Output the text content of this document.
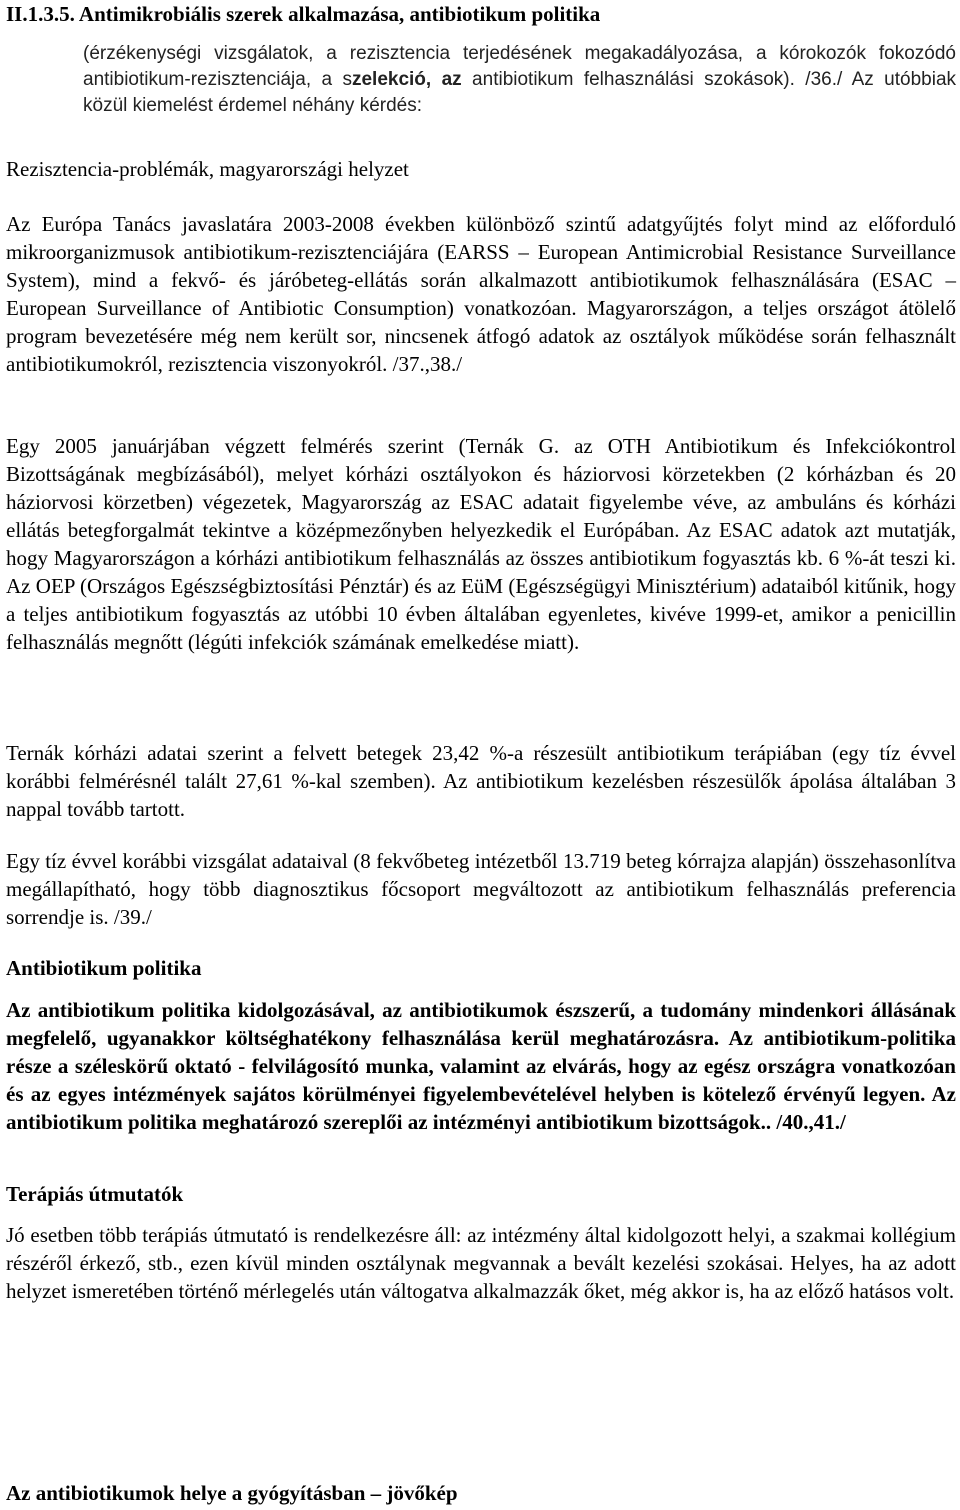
II.1.3.5. Antimikrobiális szerek alkalmazása, antibiotikum politika
(érzékenységi vizsgálatok, a rezisztencia terjedésének megakadályozása, a kórokozók fokozódó antibiotikum-rezisztenciája, a szelekció, az antibiotikum felhasználási szokások). /36./ Az utóbbiak közül kiemelést érdemel néhány kérdés:
Rezisztencia-problémák, magyarországi helyzet
Az Európa Tanács javaslatára 2003-2008 években különböző szintű adatgyűjtés folyt mind az előforduló mikroorganizmusok antibiotikum-rezisztenciájára (EARSS – European Antimicrobial Resistance Surveillance System), mind a fekvő- és járóbeteg-ellátás során alkalmazott antibiotikumok felhasználására (ESAC – European Surveillance of Antibiotic Consumption) vonatkozóan. Magyarországon, a teljes országot átölelő program bevezetésére még nem került sor, nincsenek átfogó adatok az osztályok működése során felhasznált antibiotikumokról, rezisztencia viszonyokról. /37.,38./
Egy 2005 januárjában végzett felmérés szerint (Ternák G. az OTH Antibiotikum és Infekciókontrol Bizottságának megbízásából), melyet kórházi osztályokon és háziorvosi körzetekben (2 kórházban és 20 háziorvosi körzetben) végezetek, Magyarország az ESAC adatait figyelembe véve, az ambuláns és kórházi ellátás betegforgalmát tekintve a középmezőnyben helyezkedik el Európában. Az ESAC adatok azt mutatják, hogy Magyarországon a kórházi antibiotikum felhasználás az összes antibiotikum fogyasztás kb. 6 %-át teszi ki. Az OEP (Országos Egészségbiztosítási Pénztár) és az EüM (Egészségügyi Minisztérium) adataiból kitűnik, hogy a teljes antibiotikum fogyasztás az utóbbi 10 évben általában egyenletes, kivéve 1999-et, amikor a penicillin felhasználás megnőtt (légúti infekciók számának emelkedése miatt).
Ternák kórházi adatai szerint a felvett betegek 23,42 %-a részesült antibiotikum terápiában (egy tíz évvel korábbi felmérésnél talált 27,61 %-kal szemben). Az antibiotikum kezelésben részesülők ápolása általában 3 nappal tovább tartott.
Egy tíz évvel korábbi vizsgálat adataival (8 fekvőbeteg intézetből 13.719 beteg kórrajza alapján) összehasonlítva megállapítható, hogy több diagnosztikus főcsoport megváltozott az antibiotikum felhasználás preferencia sorrendje is. /39./
Antibiotikum politika
Az antibiotikum politika kidolgozásával, az antibiotikumok észszerű, a tudomány mindenkori állásának megfelelő, ugyanakkor költséghatékony felhasználása kerül meghatározásra. Az antibiotikum-politika része a széleskörű oktató - felvilágosító munka, valamint az elvárás, hogy az egész országra vonatkozóan és az egyes intézmények sajátos körülményei figyelembevételével helyben is kötelező érvényű legyen. Az antibiotikum politika meghatározó szereplői az intézményi antibiotikum bizottságok.. /40.,41./
Terápiás útmutatók
Jó esetben több terápiás útmutató is rendelkezésre áll: az intézmény által kidolgozott helyi, a szakmai kollégium részéről érkező, stb., ezen kívül minden osztálynak megvannak a bevált kezelési szokásai. Helyes, ha az adott helyzet ismeretében történő mérlegelés után váltogatva alkalmazzák őket, még akkor is, ha az előző hatásos volt.
Az antibiotikumok helye a gyógyításban – jövőkép
